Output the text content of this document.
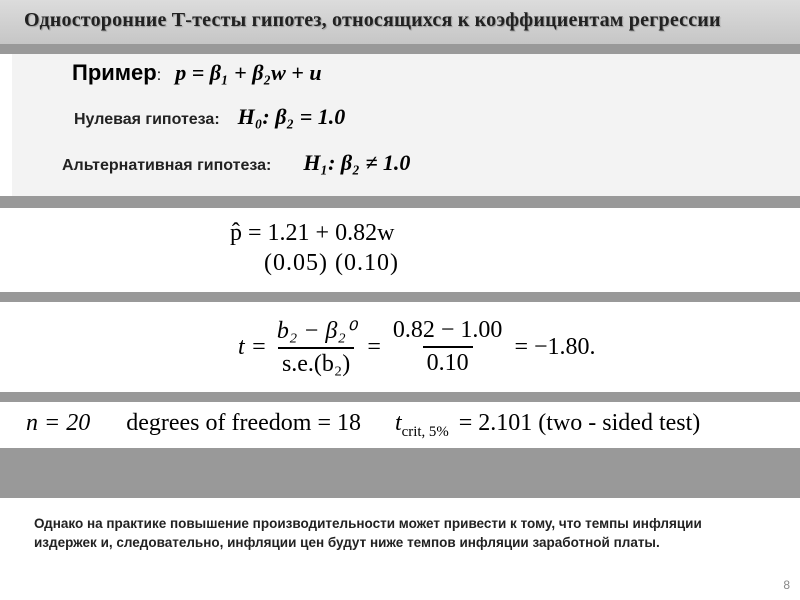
Односторонние Т-тесты гипотез, относящихся к коэффициентам регрессии
Пример: p = β₁ + β₂w + u
Нулевая гипотеза: H₀: β₂ = 1.0
Альтернативная гипотеза: H₁: β₂ ≠ 1.0
p̂ = 1.21 + 0.82w
(0.05) (0.10)
$t = \frac{\text{b₂ − β₂⁰}}{\text{s.e.(b₂)}} = \frac{0.82 - 1.00}{0.10} = -1.80$.
n = 20 degrees of freedom = 18 $t_{crit, 5\%} = 2.101$ (two - sided test)
Однако на практике повышение производительности может привести к тому, что темпы инфляции издержек и, следовательно, инфляции цен будут ниже темпов инфляции заработной платы.
8
